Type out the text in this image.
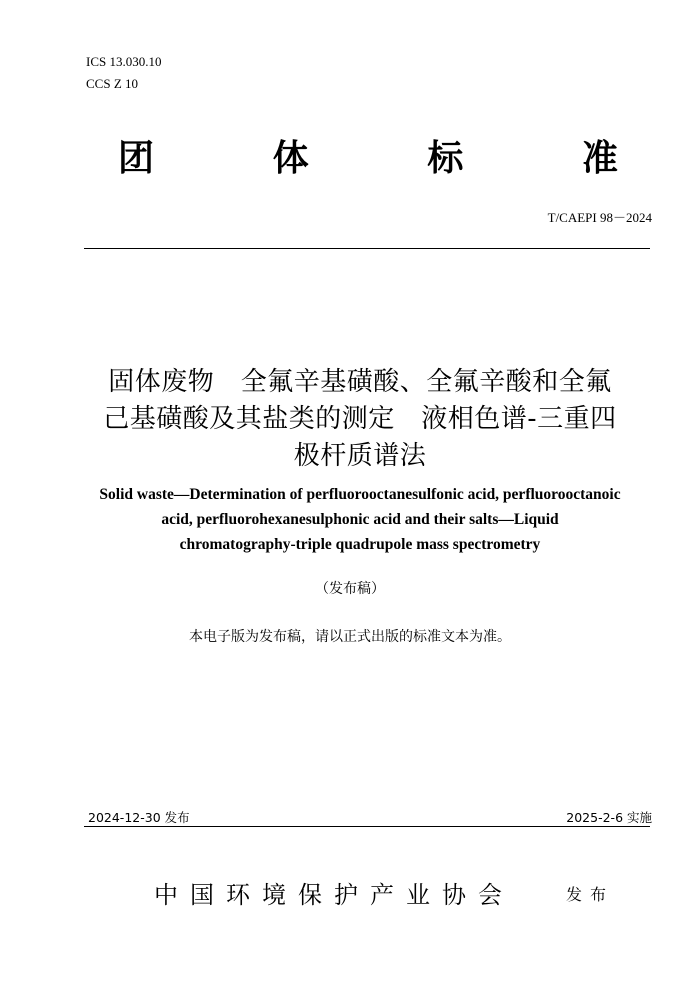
ICS 13.030.10
CCS Z 10
团	体	标	准
T/CAEPI 98－2024
固体废物　全氟辛基磺酸、全氟辛酸和全氟
己基磺酸及其盐类的测定　液相色谱-三重四
极杆质谱法
Solid waste—Determination of perfluorooctanesulfonic acid, perfluorooctanoic
acid, perfluorohexanesulphonic acid and their salts—Liquid
chromatography-triple quadrupole mass spectrometry
（发布稿）
本电子版为发布稿，请以正式出版的标准文本为准。
2024-12-30 发布	2025-2-6 实施
中国环境保护产业协会	发布
